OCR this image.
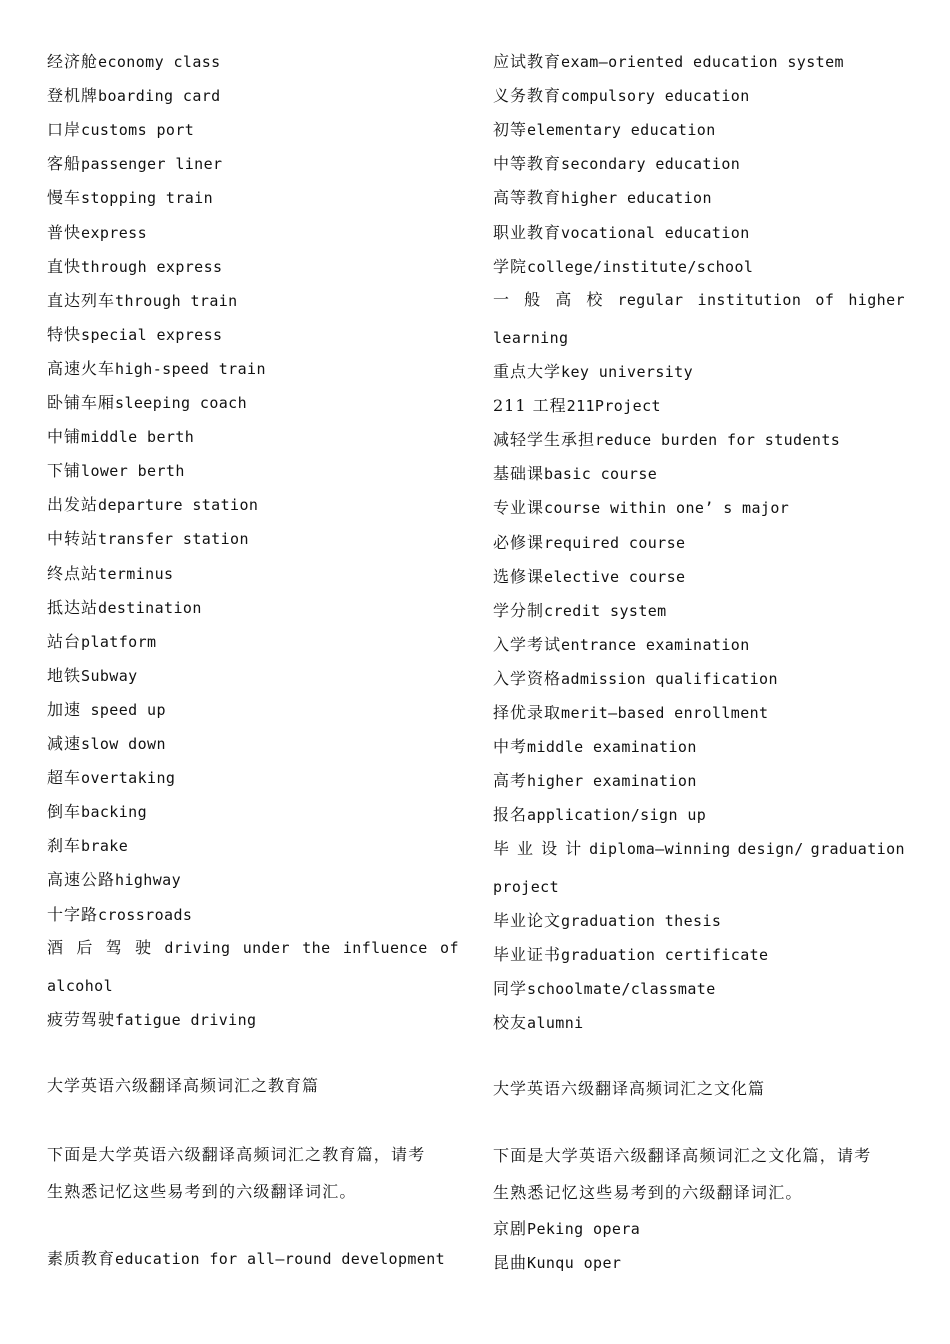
经济舱economy class
登机牌boarding card
口岸customs port
客船passenger liner
慢车stopping train
普快express
直快through express
直达列车through train
特快special express
高速火车high-speed train
卧铺车厢sleeping coach
中铺middle berth
下铺lower berth
出发站departure station
中转站transfer station
终点站terminus
抵达站destination
站台platform
地铁Subway
加速 speed up
减速slow down
超车overtaking
倒车backing
刹车brake
高速公路highway
十字路crossroads
酒 后 驾 驶 driving under the influence of
alcohol
疲劳驾驶fatigue driving
大学英语六级翻译高频词汇之教育篇
下面是大学英语六级翻译高频词汇之教育篇，请考
生熟悉记忆这些易考到的六级翻译词汇。
素质教育education for all—round development
应试教育exam—oriented education system
义务教育compulsory education
初等elementary education
中等教育secondary education
高等教育higher education
职业教育vocational education
学院college/institute/school
一 般 高 校 regular institution of higher
learning
重点大学key university
211 工程211Project
减轻学生承担reduce burden for students
基础课basic course
专业课course within one’ s major
必修课required course
选修课elective course
学分制credit system
入学考试entrance examination
入学资格admission qualification
择优录取merit—based enrollment
中考middle examination
高考higher examination
报名application/sign up
毕 业 设 计 diploma—winning design/ graduation
project
毕业论文graduation thesis
毕业证书graduation certificate
同学schoolmate/classmate
校友alumni
大学英语六级翻译高频词汇之文化篇
下面是大学英语六级翻译高频词汇之文化篇，请考
生熟悉记忆这些易考到的六级翻译词汇。
京剧Peking opera
昆曲Kunqu oper
